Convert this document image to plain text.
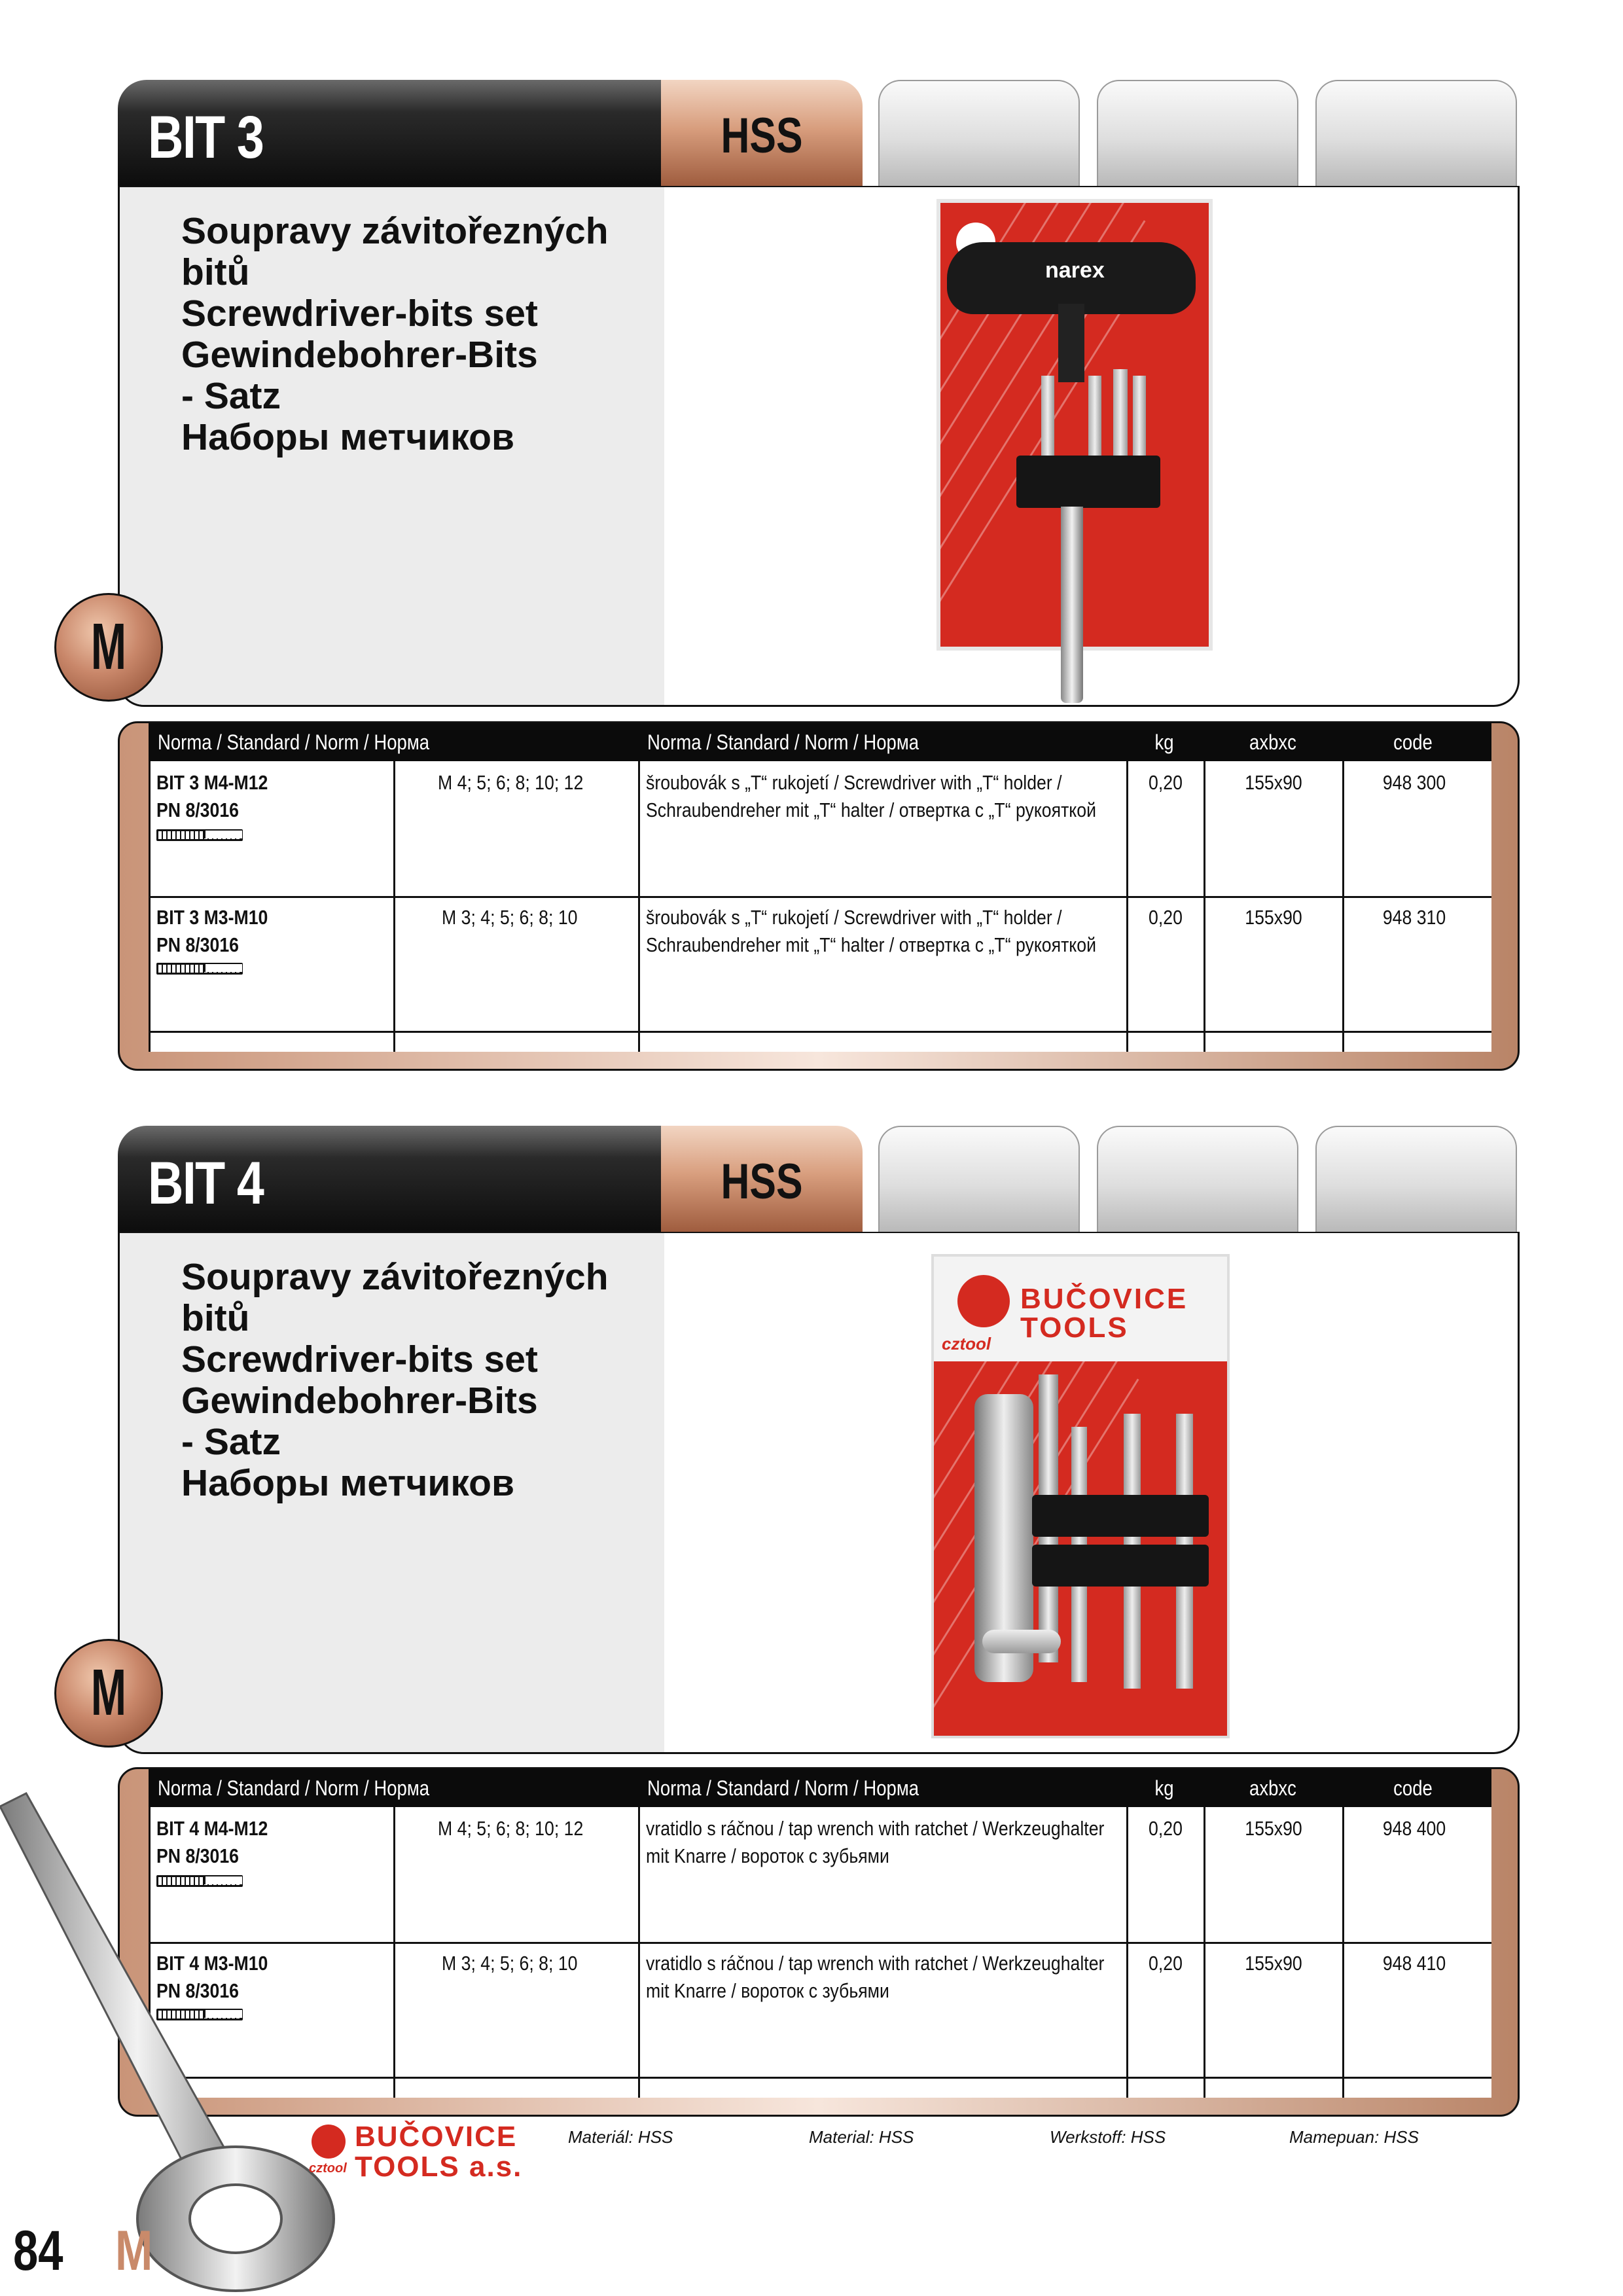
BIT 3	HSS
Soupravy závitořezných
bitů
Screwdriver-bits set
Gewindebohrer-Bits
- Satz
Наборы метчиков
narex
M
Norma / Standard / Norm / Норма	Norma / Standard / Norm / Норма	kg	axbxc	code
BIT 3 M4-M12
PN 8/3016
M 4; 5; 6; 8; 10; 12	šroubovák s „T“ rukojetí / Screwdriver with „T“ holder /
Schraubendreher mit „T“ halter / отвертка с „T“ рукояткой
0,20	155x90	948 300
BIT 3 M3-M10
PN 8/3016
M 3; 4; 5; 6; 8; 10	šroubovák s „T“ rukojetí / Screwdriver with „T“ holder /
Schraubendreher mit „T“ halter / отвертка с „T“ рукояткой
0,20	155x90	948 310
BIT 4	HSS
Soupravy závitořezných
bitů
Screwdriver-bits set
Gewindebohrer-Bits
- Satz
Наборы метчиков
BUČOVICE
cztool TOOLS
M
Norma / Standard / Norm / Норма	Norma / Standard / Norm / Норма	kg	axbxc	code
BIT 4 M4-M12
PN 8/3016
M 4; 5; 6; 8; 10; 12	vratidlo s ráčnou / tap wrench with ratchet / Werkzeughalter
mit Knarre / вороток с зубьями
0,20	155x90	948 400
BIT 4 M3-M10
PN 8/3016
M 3; 4; 5; 6; 8; 10	vratidlo s ráčnou / tap wrench with ratchet / Werkzeughalter
mit Knarre / вороток с зубьями
0,20	155x90	948 410
84 M
cztool
BUČOVICE
TOOLS a.s.
Materiál: HSS	Material: HSS	Werkstoff: HSS	Mamepuan: HSS
